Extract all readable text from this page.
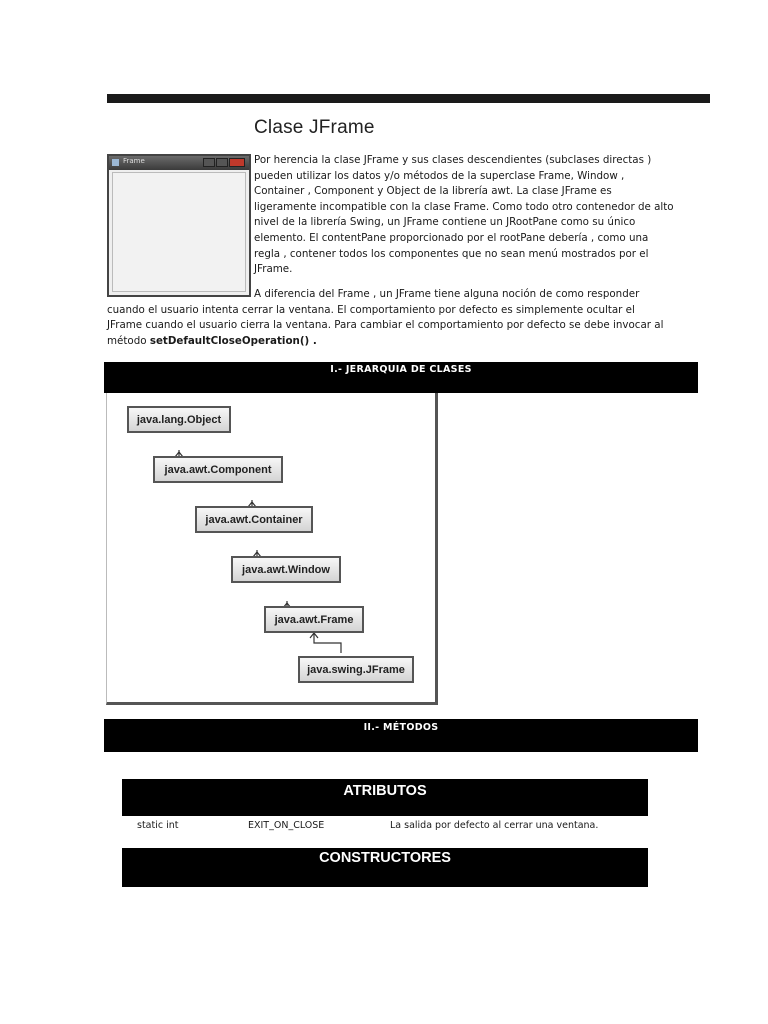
Clase JFrame
Frame	Por herencia la clase JFrame y sus clases descendientes (subclases directas ) pueden utilizar los datos y/o métodos de la superclase Frame, Window , Container , Component y Object de la librería awt. La clase JFrame es ligeramente incompatible con la clase Frame. Como todo otro contenedor de alto nivel de la librería Swing, un JFrame contiene un JRootPane como su único elemento. El contentPane proporcionado por el rootPane debería , como una regla , contener todos los componentes que no sean menú mostrados por el JFrame.
A diferencia del Frame , un JFrame tiene alguna noción de como responder cuando el usuario intenta cerrar la ventana. El comportamiento por defecto es simplemente ocultar el JFrame cuando el usuario cierra la ventana. Para cambiar el comportamiento por defecto se debe invocar al método setDefaultCloseOperation() .
I.- JERARQUIA DE CLASES
java.lang.Object
java.awt.Component
java.awt.Container
java.awt.Window
java.awt.Frame
java.swing.JFrame
II.- MÉTODOS
ATRIBUTOS
static int	EXIT_ON_CLOSE	La salida por defecto al cerrar una ventana.
CONSTRUCTORES
